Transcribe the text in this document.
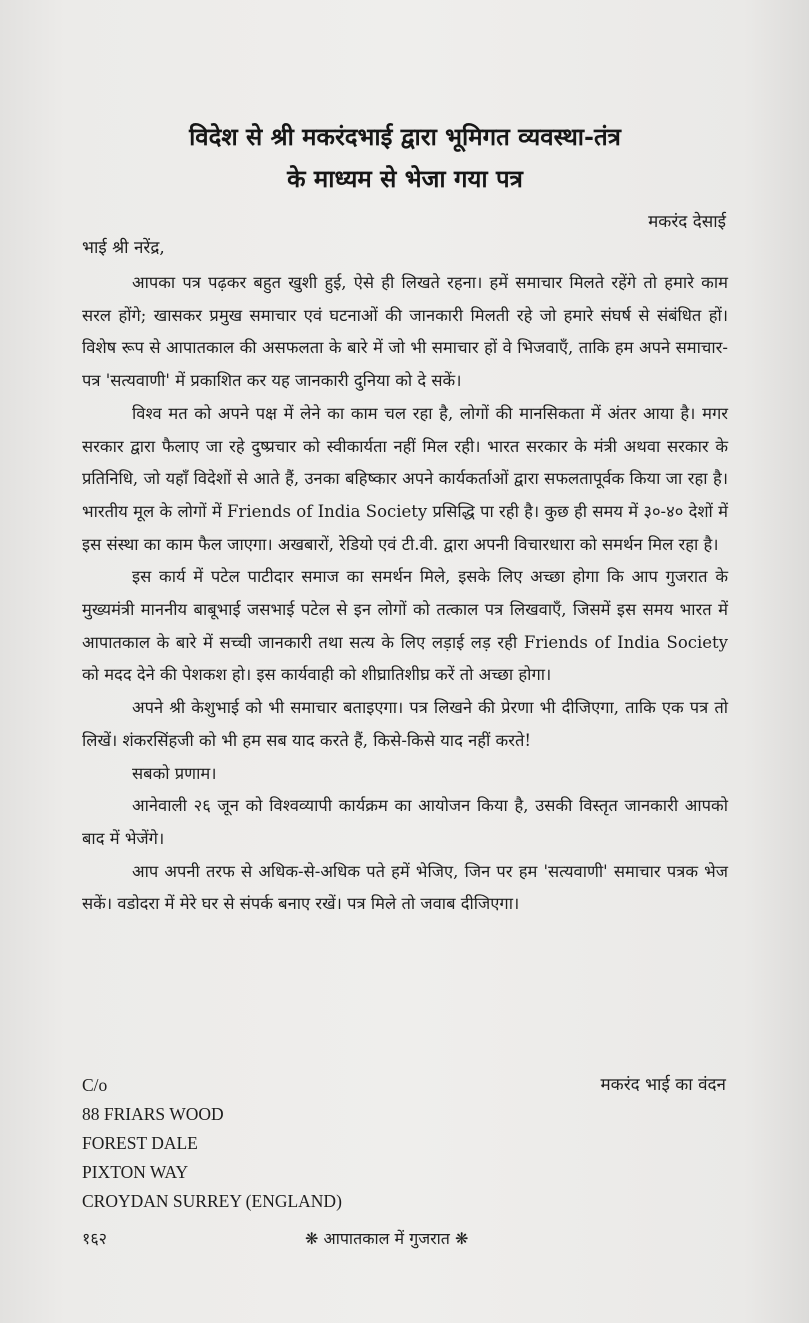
विदेश से श्री मकरंदभाई द्वारा भूमिगत व्यवस्था-तंत्र
के माध्यम से भेजा गया पत्र
मकरंद देसाई
भाई श्री नरेंद्र,

आपका पत्र पढ़कर बहुत खुशी हुई, ऐसे ही लिखते रहना। हमें समाचार मिलते रहेंगे तो हमारे काम सरल होंगे; खासकर प्रमुख समाचार एवं घटनाओं की जानकारी मिलती रहे जो हमारे संघर्ष से संबंधित हों। विशेष रूप से आपातकाल की असफलता के बारे में जो भी समाचार हों वे भिजवाएँ, ताकि हम अपने समाचार-पत्र 'सत्यवाणी' में प्रकाशित कर यह जानकारी दुनिया को दे सकें।

विश्व मत को अपने पक्ष में लेने का काम चल रहा है, लोगों की मानसिकता में अंतर आया है। मगर सरकार द्वारा फैलाए जा रहे दुष्प्रचार को स्वीकार्यता नहीं मिल रही। भारत सरकार के मंत्री अथवा सरकार के प्रतिनिधि, जो यहाँ विदेशों से आते हैं, उनका बहिष्कार अपने कार्यकर्ताओं द्वारा सफलतापूर्वक किया जा रहा है। भारतीय मूल के लोगों में Friends of India Society प्रसिद्धि पा रही है। कुछ ही समय में ३०-४० देशों में इस संस्था का काम फैल जाएगा। अखबारों, रेडियो एवं टी.वी. द्वारा अपनी विचारधारा को समर्थन मिल रहा है।

इस कार्य में पटेल पाटीदार समाज का समर्थन मिले, इसके लिए अच्छा होगा कि आप गुजरात के मुख्यमंत्री माननीय बाबूभाई जसभाई पटेल से इन लोगों को तत्काल पत्र लिखवाएँ, जिसमें इस समय भारत में आपातकाल के बारे में सच्ची जानकारी तथा सत्य के लिए लड़ाई लड़ रही Friends of India Society को मदद देने की पेशकश हो। इस कार्यवाही को शीघ्रातिशीघ्र करें तो अच्छा होगा।

अपने श्री केशुभाई को भी समाचार बताइएगा। पत्र लिखने की प्रेरणा भी दीजिएगा, ताकि एक पत्र तो लिखें। शंकरसिंहजी को भी हम सब याद करते हैं, किसे-किसे याद नहीं करते!

सबको प्रणाम।

आनेवाली २६ जून को विश्वव्यापी कार्यक्रम का आयोजन किया है, उसकी विस्तृत जानकारी आपको बाद में भेजेंगे।

आप अपनी तरफ से अधिक-से-अधिक पते हमें भेजिए, जिन पर हम 'सत्यवाणी' समाचार पत्रक भेज सकें। वडोदरा में मेरे घर से संपर्क बनाए रखें। पत्र मिले तो जवाब दीजिएगा।

C/o
88 FRIARS WOOD
FOREST DALE
PIXTON WAY
CROYDAN SURREY (ENGLAND)
मकरंद भाई का वंदन
१६२	❋ आपातकाल में गुजरात ❋
